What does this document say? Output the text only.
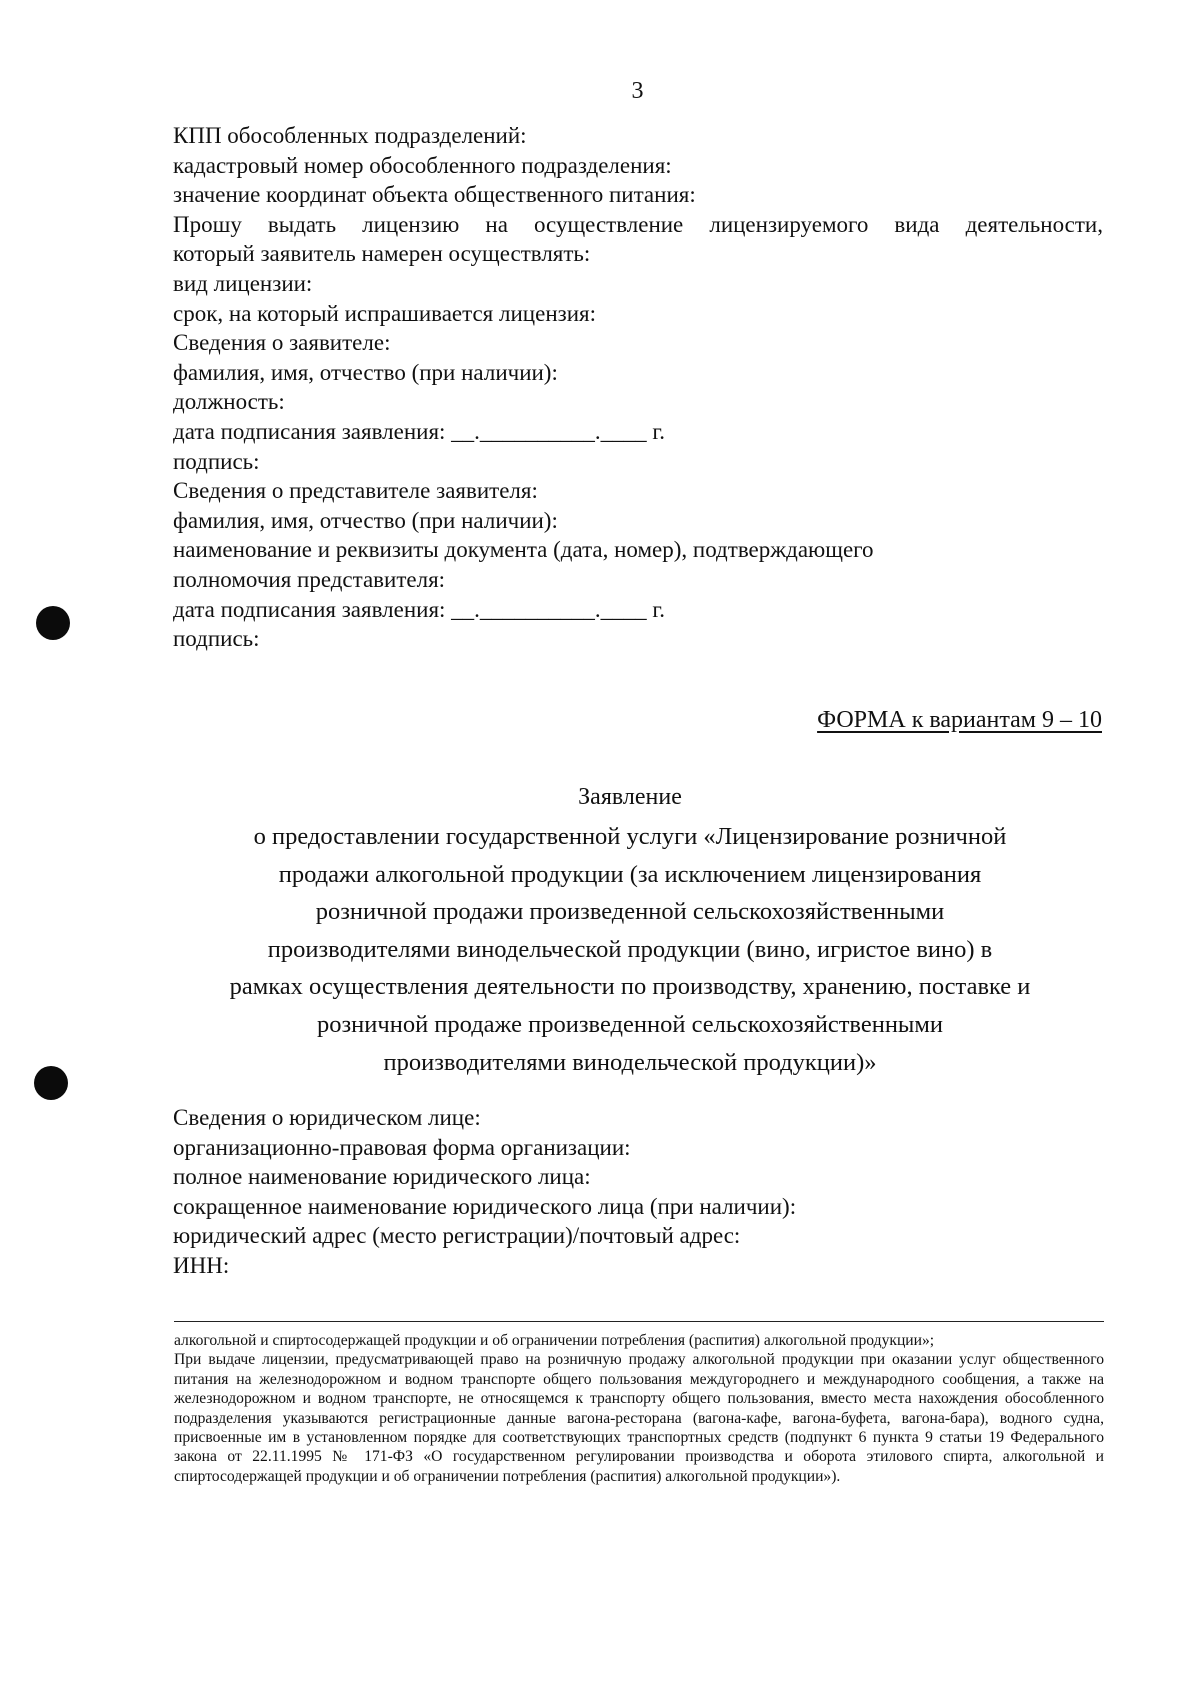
3
КПП обособленных подразделений:
кадастровый номер обособленного подразделения:
значение координат объекта общественного питания:
Прошу выдать лицензию на осуществление лицензируемого вида деятельности,
который заявитель намерен осуществлять:
вид лицензии:
срок, на который испрашивается лицензия:
Сведения о заявителе:
фамилия, имя, отчество (при наличии):
должность:
дата подписания заявления: __.__________.____ г.
подпись:
Сведения о представителе заявителя:
фамилия, имя, отчество (при наличии):
наименование и реквизиты документа (дата, номер), подтверждающего
полномочия представителя:
дата подписания заявления: __.__________.____ г.
подпись:
ФОРМА к вариантам 9 – 10
Заявление
о предоставлении государственной услуги «Лицензирование розничной
продажи алкогольной продукции (за исключением лицензирования
розничной продажи произведенной сельскохозяйственными
производителями винодельческой продукции (вино, игристое вино) в
рамках осуществления деятельности по производству, хранению, поставке и
розничной продаже произведенной сельскохозяйственными
производителями винодельческой продукции)»
Сведения о юридическом лице:
организационно-правовая форма организации:
полное наименование юридического лица:
сокращенное наименование юридического лица (при наличии):
юридический адрес (место регистрации)/почтовый адрес:
ИНН:

алкогольной и спиртосодержащей продукции и об ограничении потребления (распития) алкогольной продукции»;

При выдаче лицензии, предусматривающей право на розничную продажу алкогольной продукции при оказании услуг общественного питания на железнодорожном и водном транспорте общего пользования междугороднего и международного сообщения, а также на железнодорожном и водном транспорте, не относящемся к транспорту общего пользования, вместо места нахождения обособленного подразделения указываются регистрационные данные вагона-ресторана (вагона-кафе, вагона-буфета, вагона-бара), водного судна, присвоенные им в установленном порядке для соответствующих транспортных средств (подпункт 6 пункта 9 статьи 19 Федерального закона от 22.11.1995 № 171-ФЗ «О государственном регулировании производства и оборота этилового спирта, алкогольной и спиртосодержащей продукции и об ограничении потребления (распития) алкогольной продукции»).
